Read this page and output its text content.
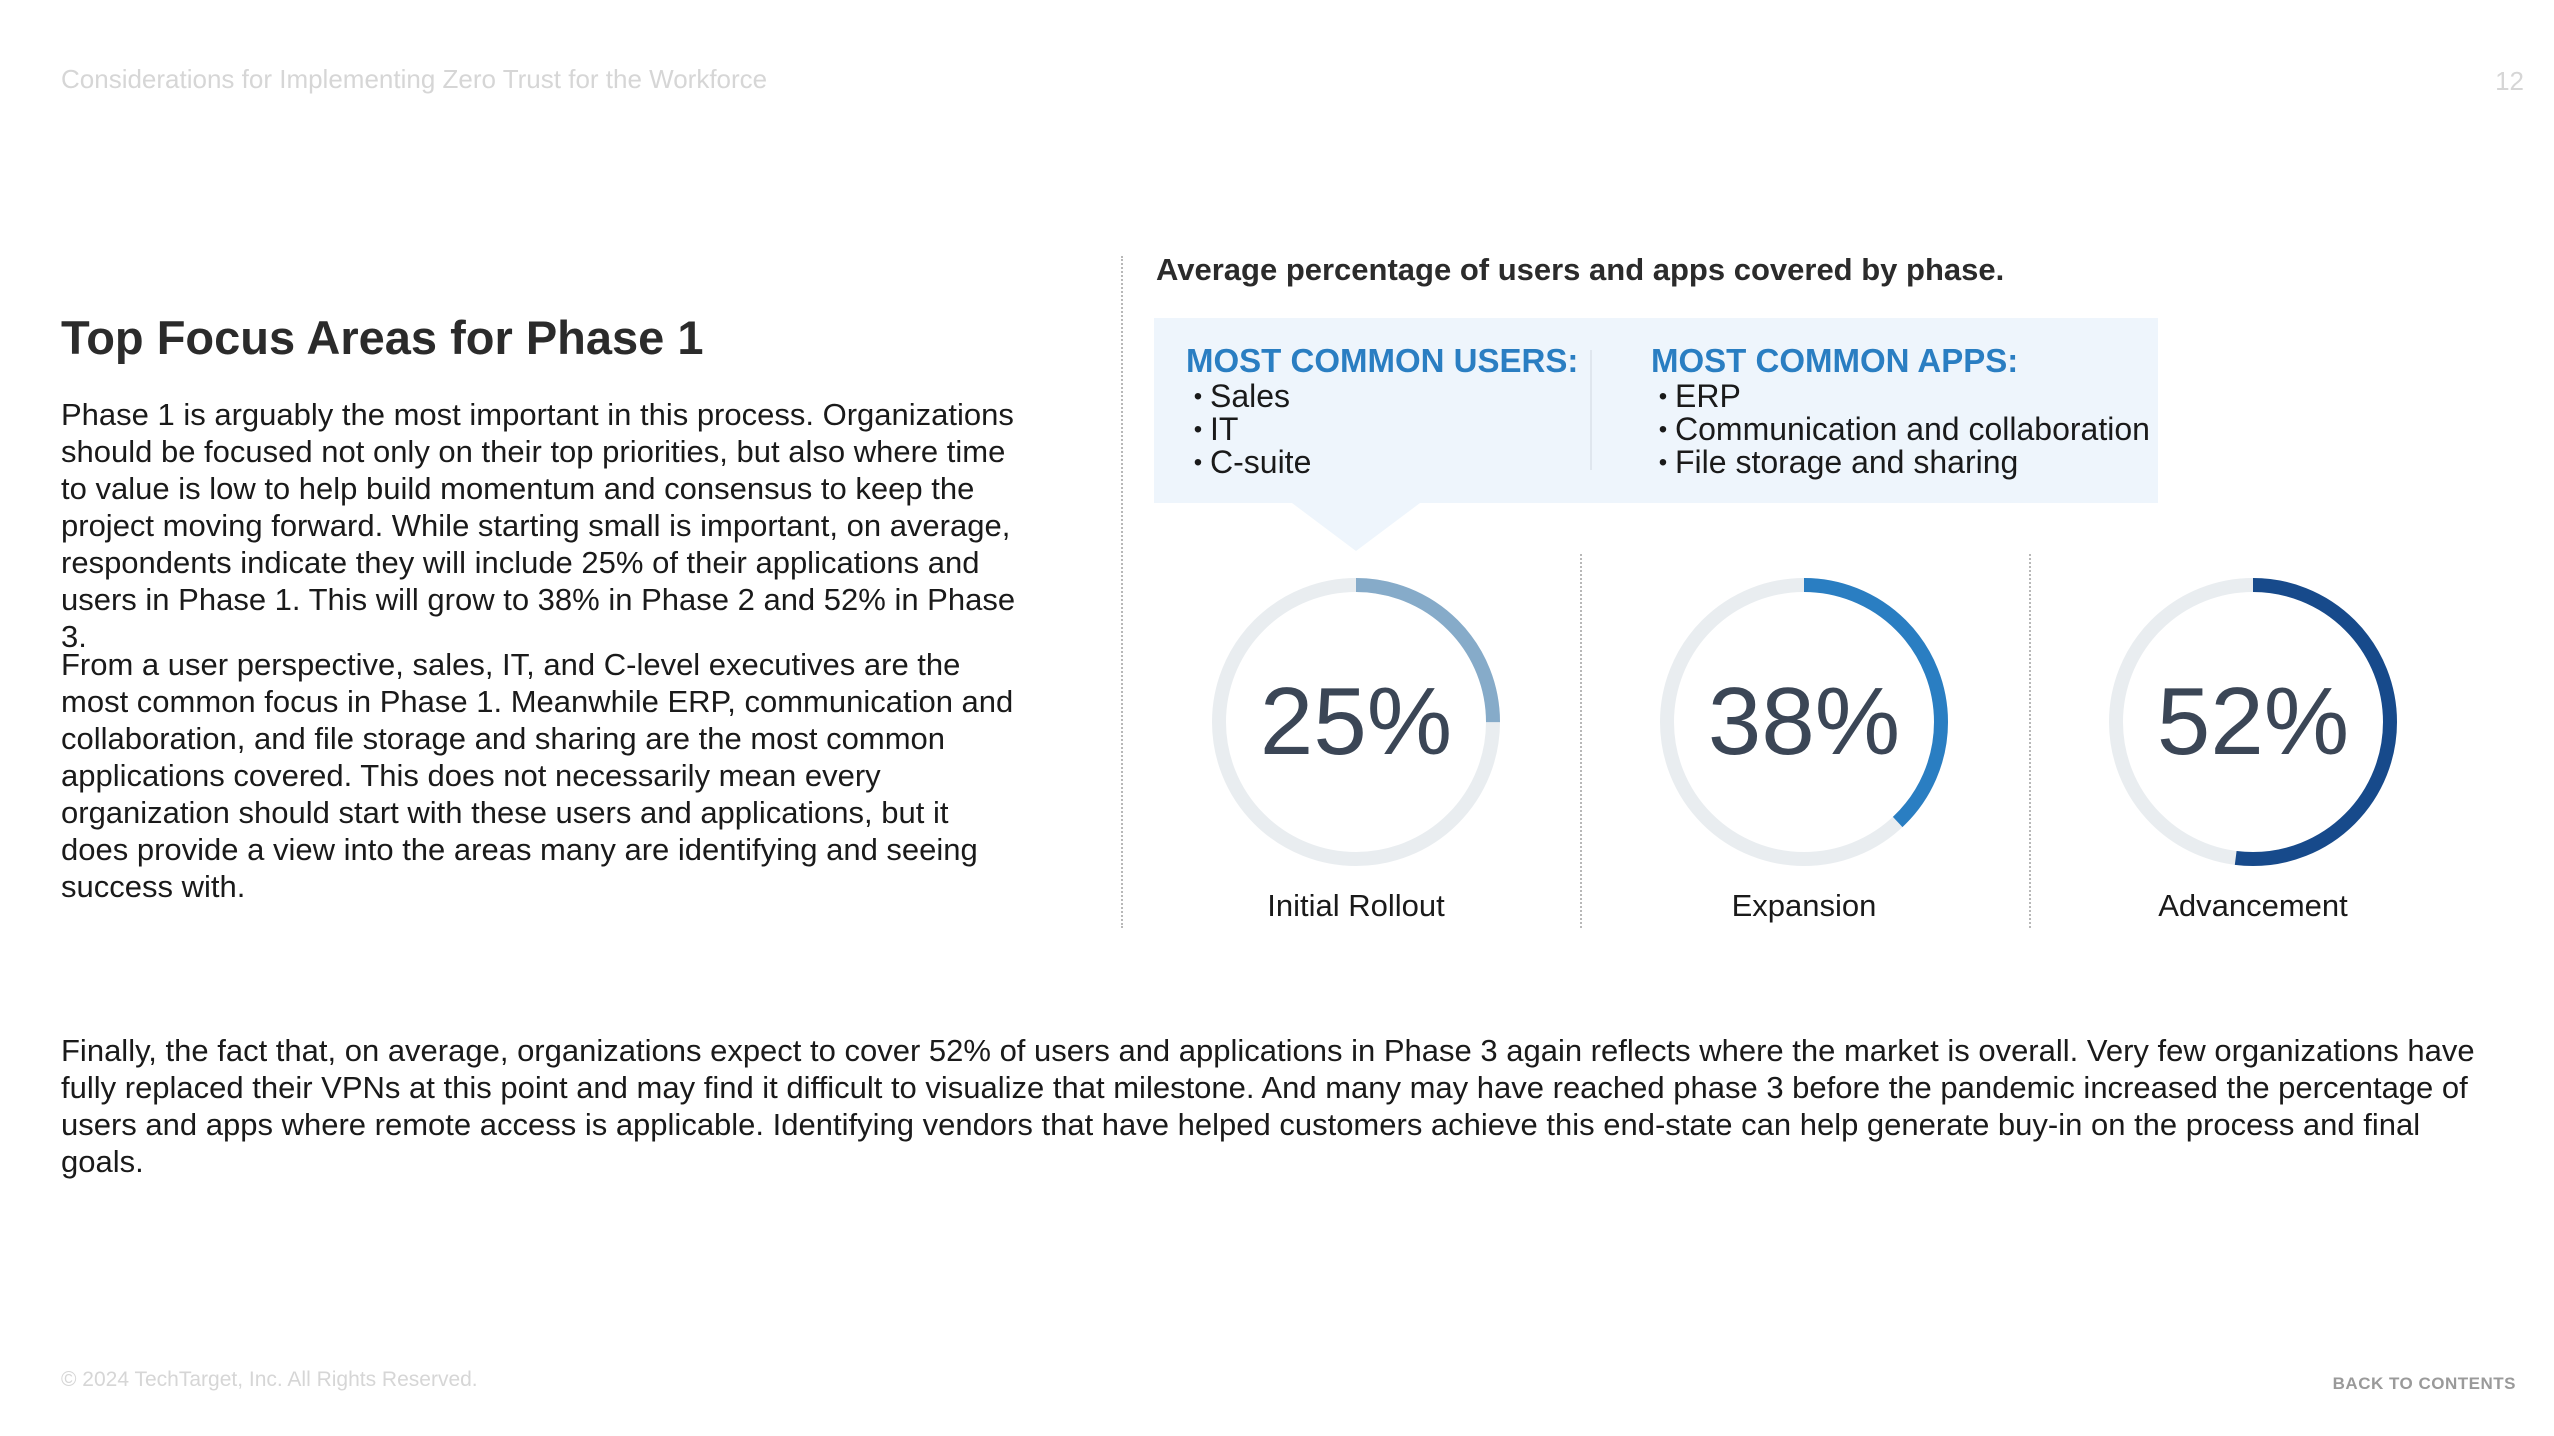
Considerations for Implementing Zero Trust for the Workforce	12
Top Focus Areas for Phase 1

Phase 1 is arguably the most important in this process. Organizations should be focused not only on their top priorities, but also where time to value is low to help build momentum and consensus to keep the project moving forward. While starting small is important, on average, respondents indicate they will include 25% of their applications and users in Phase 1. This will grow to 38% in Phase 2 and 52% in Phase 3.

From a user perspective, sales, IT, and C-level executives are the most common focus in Phase 1. Meanwhile ERP, communication and collaboration, and file storage and sharing are the most common applications covered. This does not necessarily mean every organization should start with these users and applications, but it does provide a view into the areas many are identifying and seeing success with.

Average percentage of users and apps covered by phase.
MOST COMMON USERS:
• Sales
• IT
• C-suite
MOST COMMON APPS:
• ERP
• Communication and collaboration
• File storage and sharing
25%
Initial Rollout
38%
Expansion
52%
Advancement

Finally, the fact that, on average, organizations expect to cover 52% of users and applications in Phase 3 again reflects where the market is overall. Very few organizations have fully replaced their VPNs at this point and may find it difficult to visualize that milestone. And many may have reached phase 3 before the pandemic increased the percentage of users and apps where remote access is applicable. Identifying vendors that have helped customers achieve this end-state can help generate buy-in on the process and final goals.

© 2024 TechTarget, Inc. All Rights Reserved.	BACK TO CONTENTS
